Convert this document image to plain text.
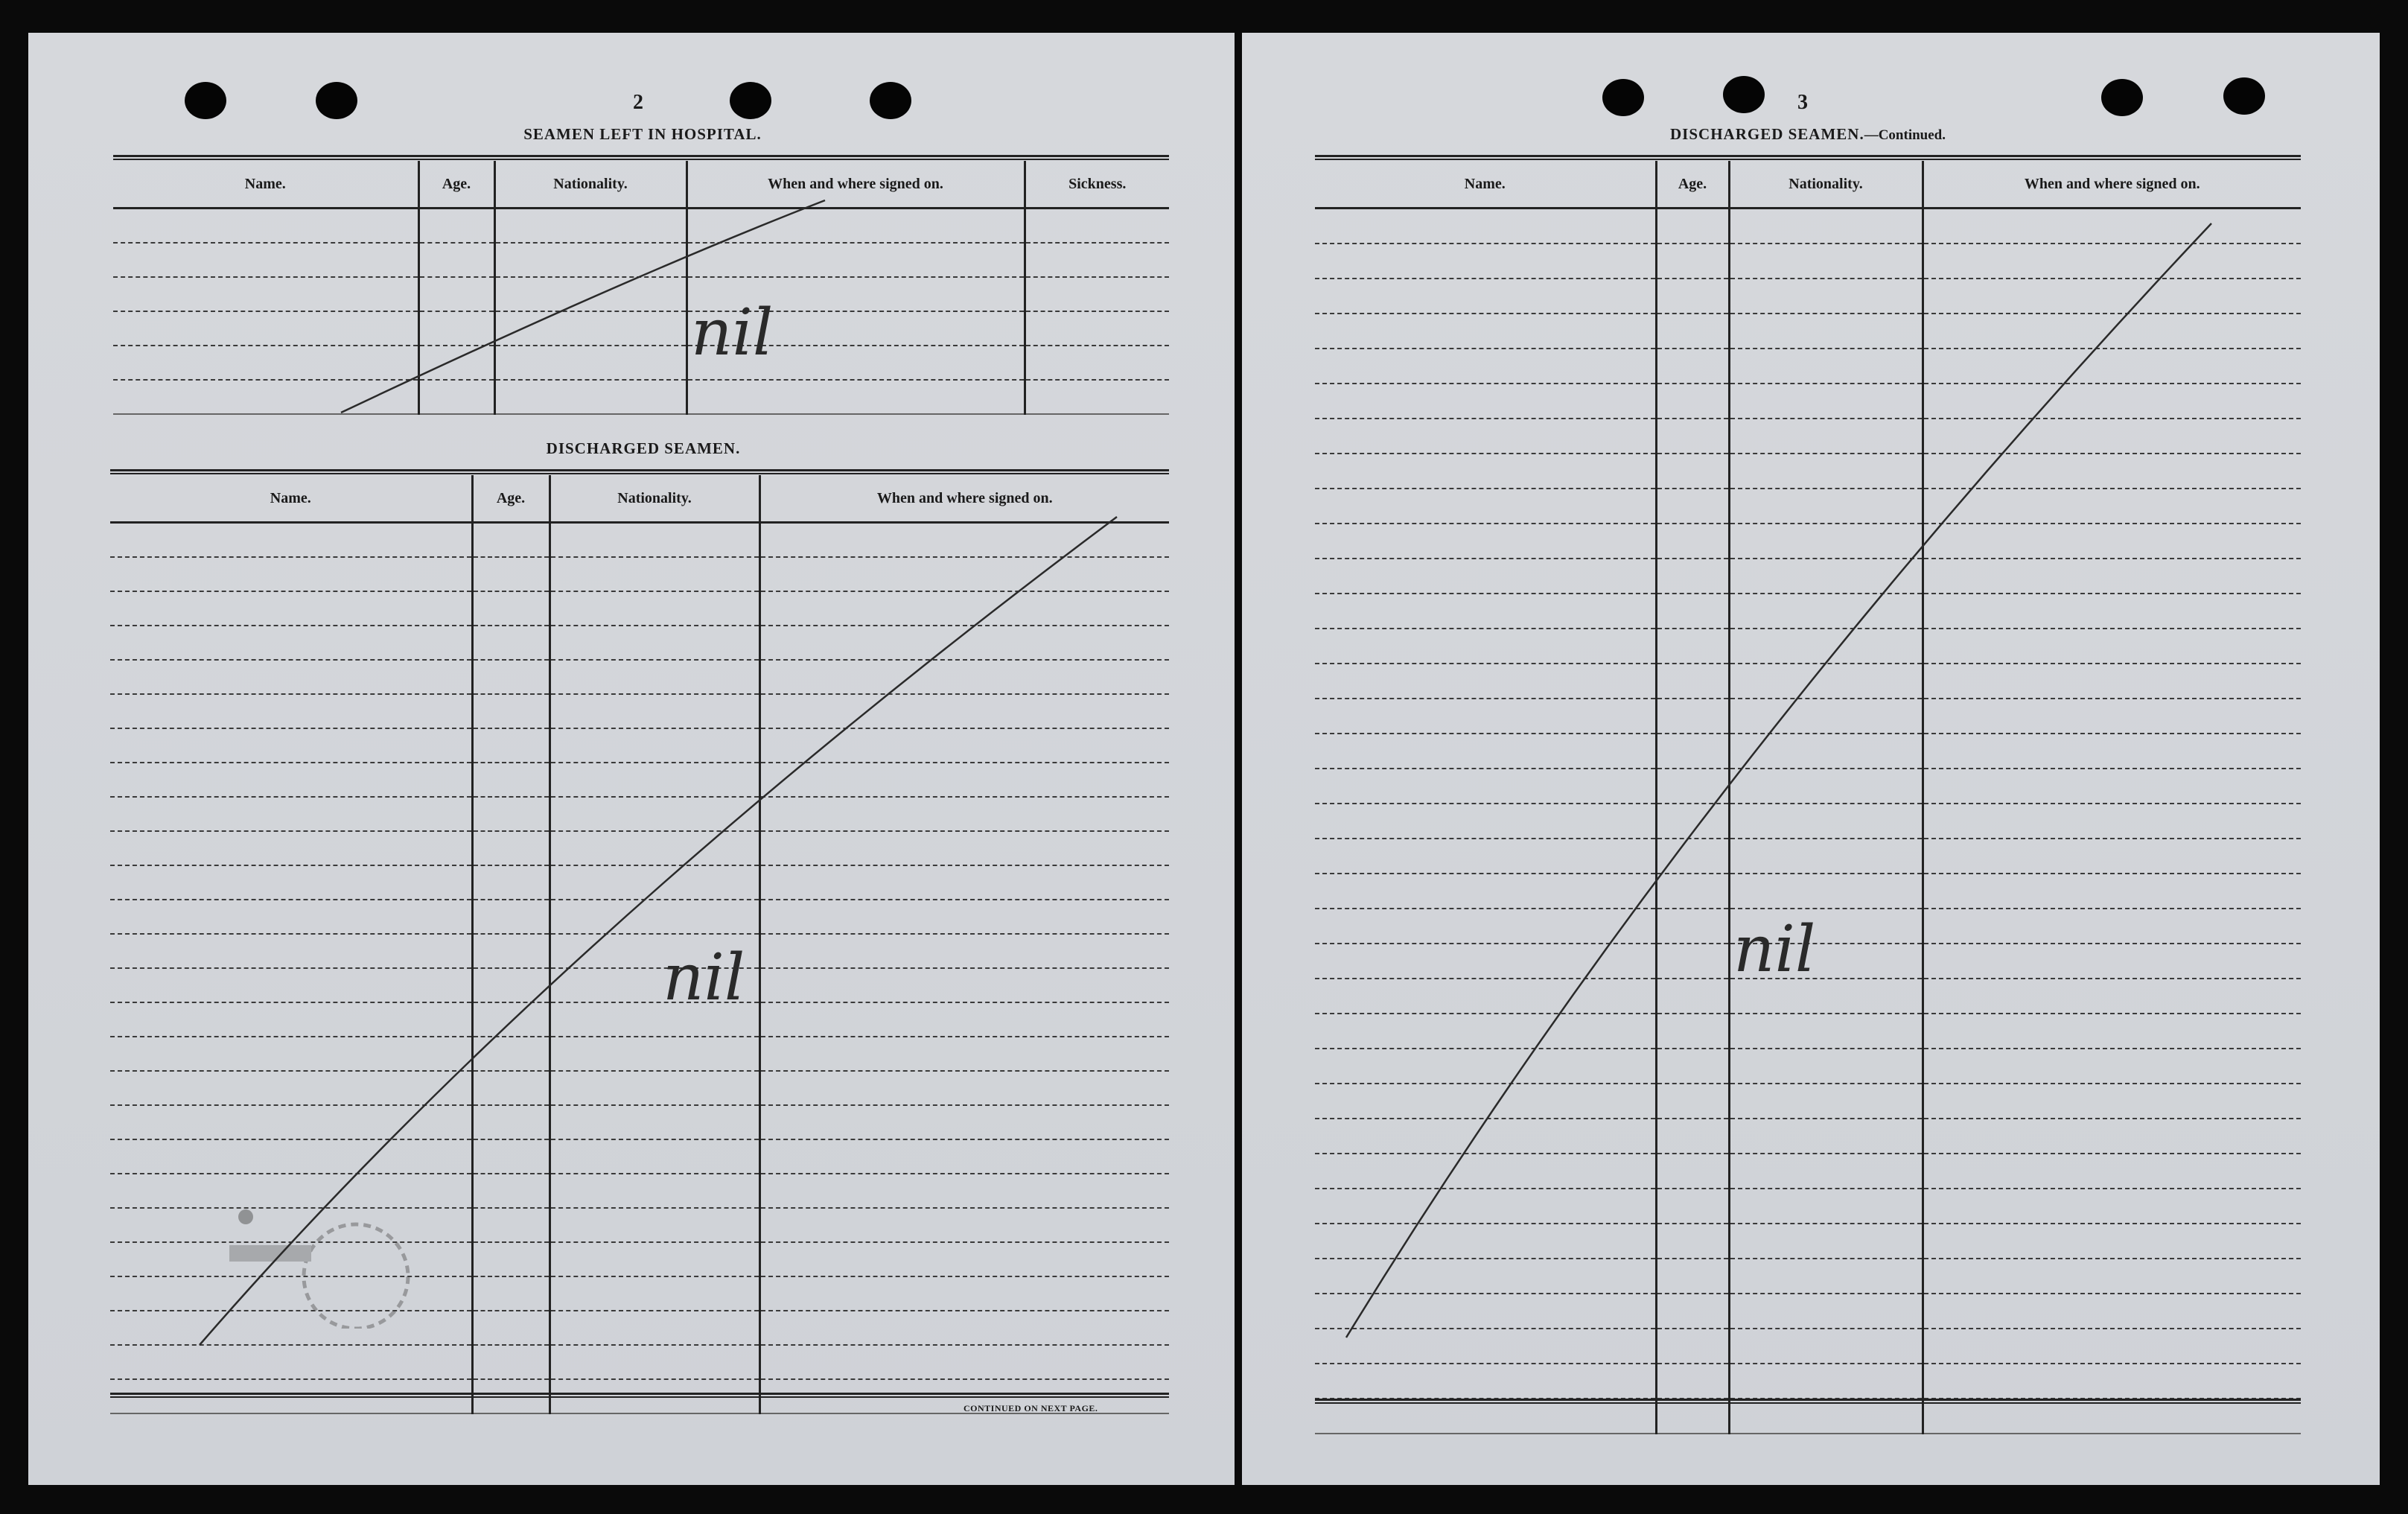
2
SEAMEN LEFT IN HOSPITAL.
Name.	Age.	Nationality.	When and where signed on.	Sickness.

DISCHARGED SEAMEN.
Name.	Age.	Nationality.	When and where signed on.

CONTINUED ON NEXT PAGE.
nil
nil
3
DISCHARGED SEAMEN.—Continued.
Name.	Age.	Nationality.	When and where signed on.

nil
